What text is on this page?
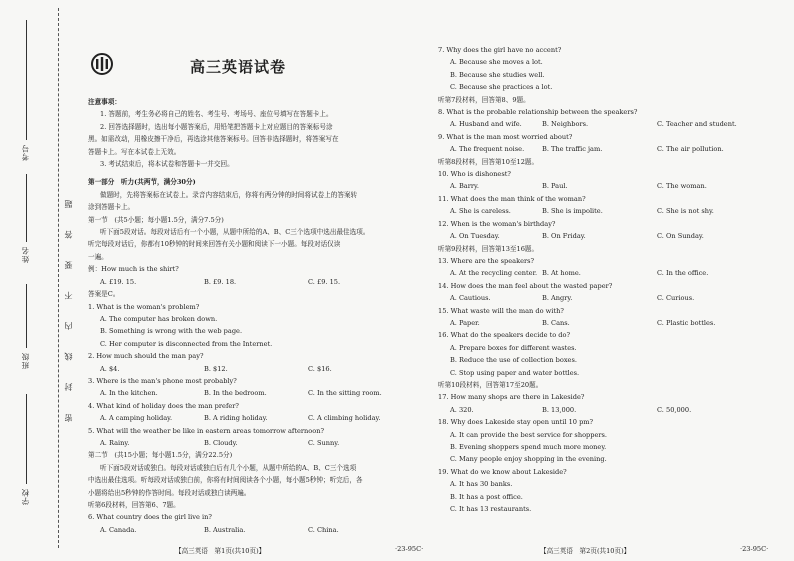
考号
姓名
班级
学校
密 封 线 内 不 要 答 题
高三英语试卷
注意事项：
1. 答题前，考生务必将自己的姓名、考生号、考场号、座位号填写在答题卡上。
2. 回答选择题时，选出每小题答案后，用铅笔把答题卡上对应题目的答案标号涂
黑。如需改动，用橡皮擦干净后，再选涂其他答案标号。回答非选择题时，将答案写在
答题卡上。写在本试卷上无效。
3. 考试结束后，将本试卷和答题卡一并交回。
第一部分　听力(共两节，满分30分)
做题时，先将答案标在试卷上。录音内容结束后，你将有两分钟的时间将试卷上的答案转
涂到答题卡上。
第一节　(共5小题；每小题1.5分，满分7.5分)
听下面5段对话。每段对话后有一个小题，从题中所给的A、B、C三个选项中选出最佳选项。
听完每段对话后，你都有10秒钟的时间来回答有关小题和阅读下一小题。每段对话仅读
一遍。
例：How much is the shirt?
A. £19. 15.	B. £9. 18.	C. £9. 15.
答案是C。
1. What is the woman's problem?
A. The computer has broken down.
B. Something is wrong with the web page.
C. Her computer is disconnected from the Internet.
2. How much should the man pay?
A. $4.	B. $12.	C. $16.
3. Where is the man's phone most probably?
A. In the kitchen.	B. In the bedroom.	C. In the sitting room.
4. What kind of holiday does the man prefer?
A. A camping holiday.	B. A riding holiday.	C. A climbing holiday.
5. What will the weather be like in eastern areas tomorrow afternoon?
A. Rainy.	B. Cloudy.	C. Sunny.
第二节　(共15小题；每小题1.5分，满分22.5分)
听下面5段对话或独白。每段对话或独白后有几个小题，从题中所给的A、B、C三个选项
中选出最佳选项。听每段对话或独白前，你将有时间阅读各个小题，每小题5秒钟；听完后，各
小题将给出5秒钟的作答时间。每段对话或独白读两遍。
听第6段材料，回答第6、7题。
6. What country does the girl live in?
A. Canada.	B. Australia.	C. China.
7. Why does the girl have no accent?
A. Because she moves a lot.
B. Because she studies well.
C. Because she practices a lot.
听第7段材料，回答第8、9题。
8. What is the probable relationship between the speakers?
A. Husband and wife.	B. Neighbors.	C. Teacher and student.
9. What is the man most worried about?
A. The frequent noise.	B. The traffic jam.	C. The air pollution.
听第8段材料，回答第10至12题。
10. Who is dishonest?
A. Barry.	B. Paul.	C. The woman.
11. What does the man think of the woman?
A. She is careless.	B. She is impolite.	C. She is not shy.
12. When is the woman's birthday?
A. On Tuesday.	B. On Friday.	C. On Sunday.
听第9段材料，回答第13至16题。
13. Where are the speakers?
A. At the recycling center. B. At home.	C. In the office.
14. How does the man feel about the wasted paper?
A. Cautious.	B. Angry.	C. Curious.
15. What waste will the man do with?
A. Paper.	B. Cans.	C. Plastic bottles.
16. What do the speakers decide to do?
A. Prepare boxes for different wastes.
B. Reduce the use of collection boxes.
C. Stop using paper and water bottles.
听第10段材料，回答第17至20题。
17. How many shops are there in Lakeside?
A. 320.	B. 13,000.	C. 50,000.
18. Why does Lakeside stay open until 10 pm?
A. It can provide the best service for shoppers.
B. Evening shoppers spend much more money.
C. Many people enjoy shopping in the evening.
19. What do we know about Lakeside?
A. It has 30 banks.
B. It has a post office.
C. It has 13 restaurants.
【高三英语　第1页(共10页)】	·23-95C·	【高三英语　第2页(共10页)】	·23-95C·
